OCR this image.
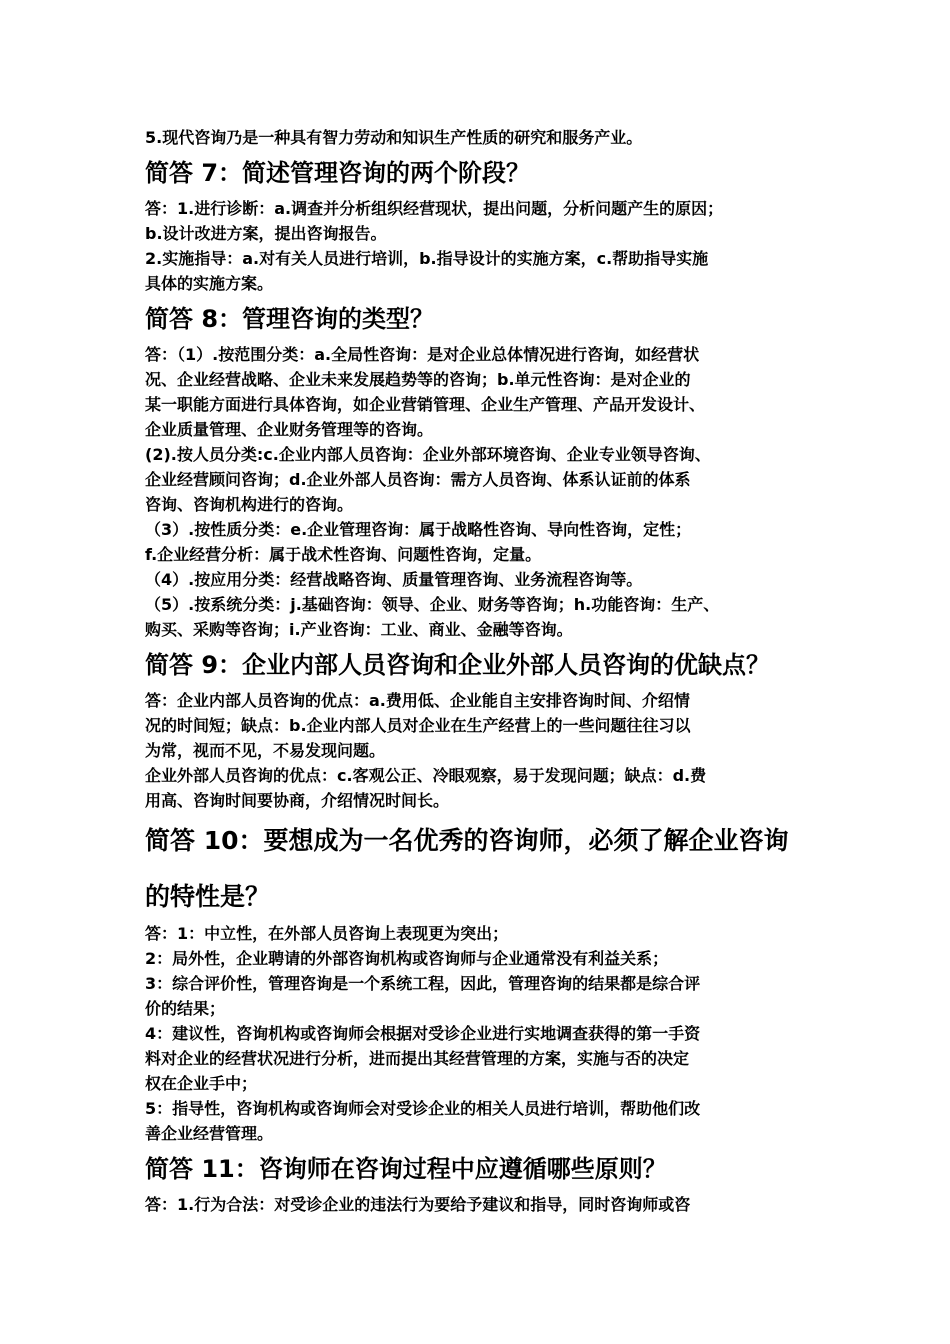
5.现代咨询乃是一种具有智力劳动和知识生产性质的研究和服务产业。
简答 7：简述管理咨询的两个阶段？
答：1.进行诊断：a.调查并分析组织经营现状，提出问题，分析问题产生的原因；
b.设计改进方案，提出咨询报告。
2.实施指导：a.对有关人员进行培训，b.指导设计的实施方案，c.帮助指导实施
具体的实施方案。
简答 8：管理咨询的类型？
答：（1）.按范围分类：a.全局性咨询：是对企业总体情况进行咨询，如经营状
况、企业经营战略、企业未来发展趋势等的咨询；b.单元性咨询：是对企业的
某一职能方面进行具体咨询，如企业营销管理、企业生产管理、产品开发设计、
企业质量管理、企业财务管理等的咨询。
(2).按人员分类:c.企业内部人员咨询：企业外部环境咨询、企业专业领导咨询、
企业经营顾问咨询；d.企业外部人员咨询：需方人员咨询、体系认证前的体系
咨询、咨询机构进行的咨询。
（3）.按性质分类：e.企业管理咨询：属于战略性咨询、导向性咨询，定性；
f.企业经营分析：属于战术性咨询、问题性咨询，定量。
（4）.按应用分类：经营战略咨询、质量管理咨询、业务流程咨询等。
（5）.按系统分类：j.基础咨询：领导、企业、财务等咨询；h.功能咨询：生产、
购买、采购等咨询；i.产业咨询：工业、商业、金融等咨询。
简答 9：企业内部人员咨询和企业外部人员咨询的优缺点？
答：企业内部人员咨询的优点：a.费用低、企业能自主安排咨询时间、介绍情
况的时间短；缺点：b.企业内部人员对企业在生产经营上的一些问题往往习以
为常，视而不见，不易发现问题。
企业外部人员咨询的优点：c.客观公正、冷眼观察，易于发现问题；缺点：d.费
用高、咨询时间要协商，介绍情况时间长。
简答 10：要想成为一名优秀的咨询师，必须了解企业咨询
的特性是？
答：1：中立性，在外部人员咨询上表现更为突出；
2：局外性，企业聘请的外部咨询机构或咨询师与企业通常没有利益关系；
3：综合评价性，管理咨询是一个系统工程，因此，管理咨询的结果都是综合评
价的结果；
4：建议性，咨询机构或咨询师会根据对受诊企业进行实地调查获得的第一手资
料对企业的经营状况进行分析，进而提出其经营管理的方案，实施与否的决定
权在企业手中；
5：指导性，咨询机构或咨询师会对受诊企业的相关人员进行培训，帮助他们改
善企业经营管理。
简答 11：咨询师在咨询过程中应遵循哪些原则？
答：1.行为合法：对受诊企业的违法行为要给予建议和指导，同时咨询师或咨
